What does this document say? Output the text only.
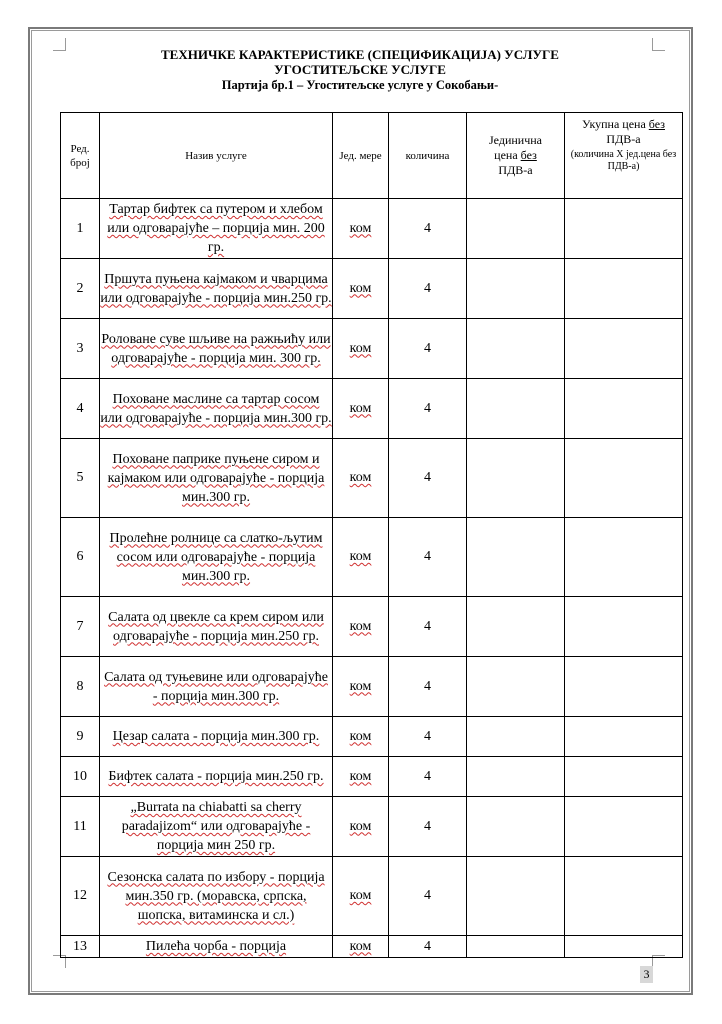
ТЕХНИЧКЕ КАРАКТЕРИСТИКЕ (СПЕЦИФИКАЦИЈА) УСЛУГЕ
УГОСТИТЕЉСКЕ УСЛУГЕ
Партија бр.1 – Угоститељске услуге у Сокобањи-
Ред. број	Назив услуге	Јед. мере	количина	Јединична
цена без
ПДВ-а	Укупна цена без
ПДВ-а
(количина X јед.цена без ПДВ-а)

1	Тартар бифтек са путером и хлебом или одговарајуће – порција мин. 200 гр.	ком	4		
2	Пршута пуњена кајмаком и чварцима или одговарајуће - порција мин.250 гр.	ком	4		
3	Роловане суве шљиве на ражњићу или одговарајуће - порција мин. 300 гр.	ком	4		
4	Поховане маслине са тартар сосом или одговарајуће - порција мин.300 гр.	ком	4		
5	Поховане паприке пуњене сиром и кајмаком или одговарајуће - порција мин.300 гр.	ком	4		
6	Пролећне ролнице са слатко-љутим сосом или одговарајуће - порција мин.300 гр.	ком	4		
7	Салата од цвекле са крем сиром или одговарајуће - порција мин.250 гр.	ком	4		
8	Салата од туњевине или одговарајуће - порција мин.300 гр.	ком	4		
9	Цезар салата - порција мин.300 гр.	ком	4		
10	Бифтек салата - порција мин.250 гр.	ком	4		
11	„Burrata na chiabatti sa cherry paradajizom“ или одговарајуће - порција мин 250 гр.	ком	4		
12	Сезонска салата по избору - порција мин.350 гр. (моравска, српска, шопска, витаминска и сл.)	ком	4		
13	Пилећа чорба - порција	ком	4		
3
